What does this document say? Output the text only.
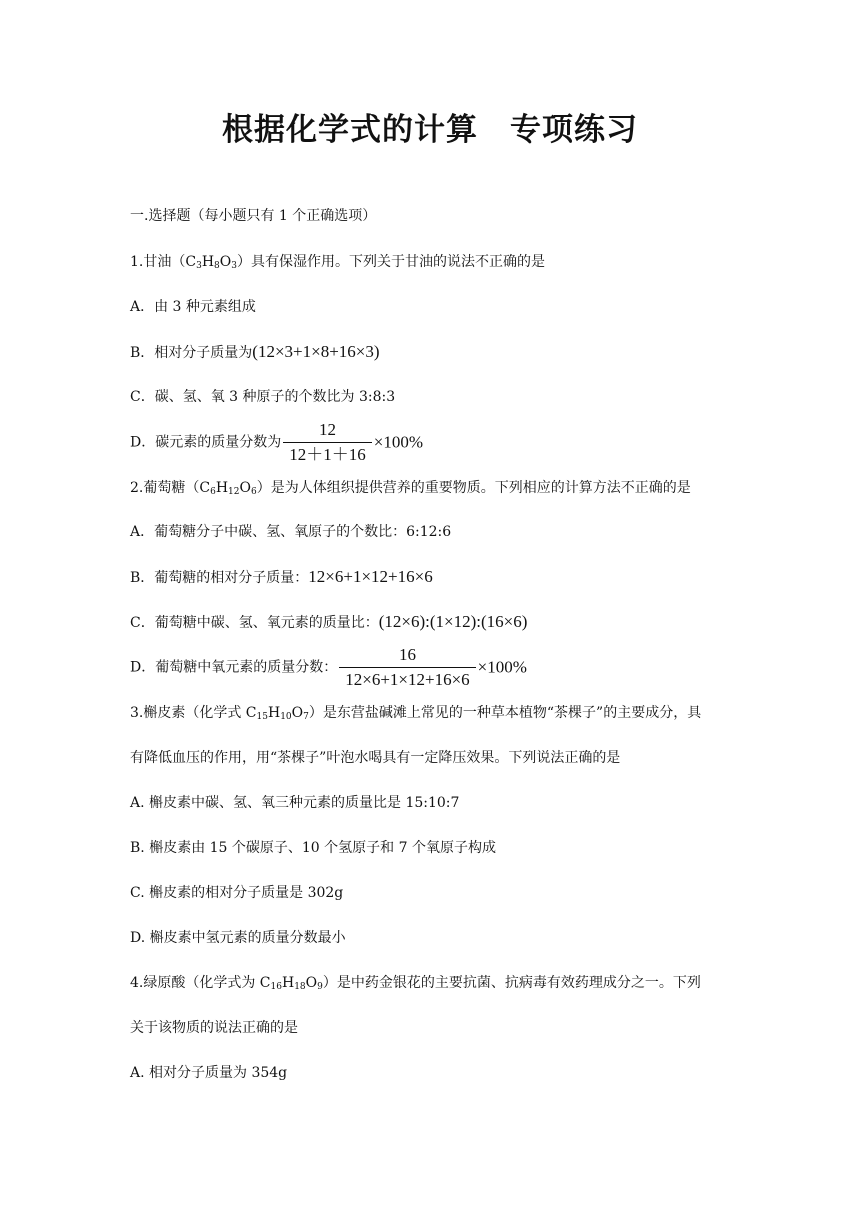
根据化学式的计算　专项练习
一.选择题（每小题只有 1 个正确选项）
1.甘油$(C_3H_8O_3)$具有保湿作用。下列关于甘油的说法不正确的是
A．由 3 种元素组成
B．相对分子质量为(12×3+1×8+16×3)
C．碳、氢、氧 3 种原子的个数比为 3:8:3
D．碳元素的质量分数为 $\frac{12}{12+1+16} \times 100\%$
2.葡萄糖$(C_6H_{12}O_6)$是为人体组织提供营养的重要物质。下列相应的计算方法不正确的是
A．葡萄糖分子中碳、氢、氧原子的个数比：6:12:6
B．葡萄糖的相对分子质量：12×6+1×12+16×6
C．葡萄糖中碳、氢、氧元素的质量比：(12×6):(1×12):(16×6)
D．葡萄糖中氧元素的质量分数： $\frac{16}{12\times 6+1\times 12+16\times 6} \times 100\%$
3.槲皮素（化学式 $C_{15}H_{10}O_7$）是东营盐碱滩上常见的一种草本植物“茶棵子”的主要成分，具
有降低血压的作用，用“茶棵子”叶泡水喝具有一定降压效果。下列说法正确的是
A. 槲皮素中碳、氢、氧三种元素的质量比是 15:10:7
B. 槲皮素由 15 个碳原子、10 个氢原子和 7 个氧原子构成
C. 槲皮素的相对分子质量是 302g
D. 槲皮素中氢元素的质量分数最小
4.绿原酸（化学式为 $C_{16}H_{18}O_9$）是中药金银花的主要抗菌、抗病毒有效药理成分之一。下列
关于该物质的说法正确的是
A. 相对分子质量为 354g
